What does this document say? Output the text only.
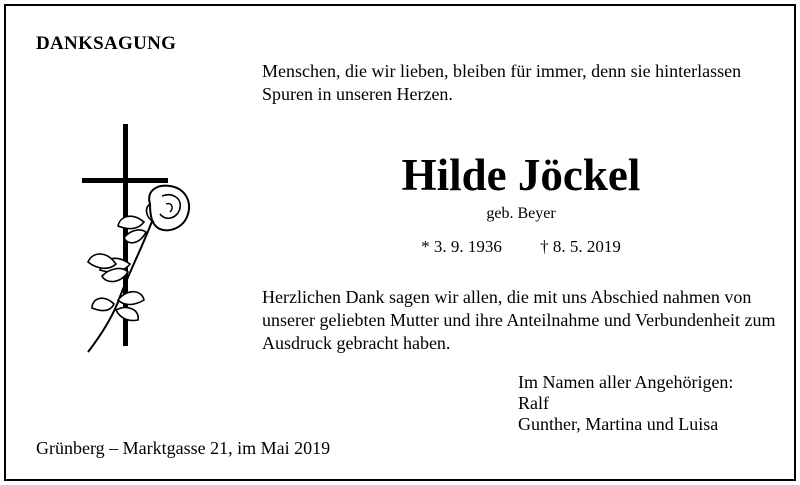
DANKSAGUNG
Menschen, die wir lieben, bleiben für immer, denn sie hinterlassen Spuren in unseren Herzen.
Hilde Jöckel
geb. Beyer
* 3. 9. 1936 † 8. 5. 2019
Herzlichen Dank sagen wir allen, die mit uns Abschied nahmen von unserer geliebten Mutter und ihre Anteilnahme und Verbundenheit zum Ausdruck gebracht haben.
Im Namen aller Angehörigen:
Ralf
Gunther, Martina und Luisa
Grünberg – Marktgasse 21, im Mai 2019
